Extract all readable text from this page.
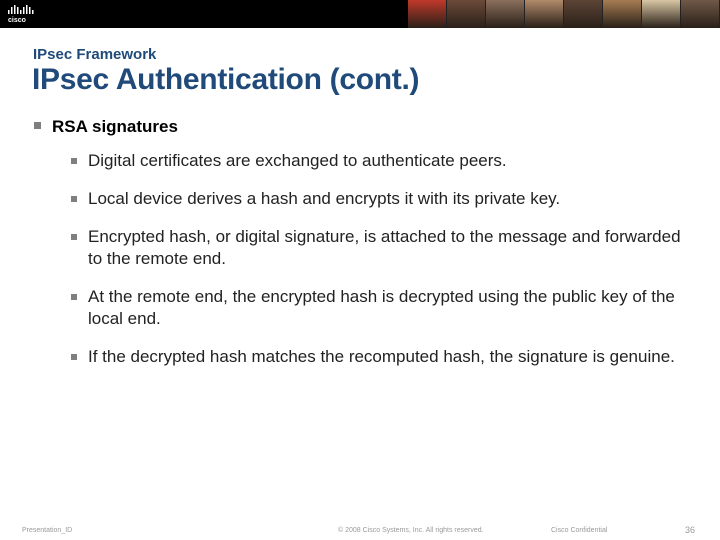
cisco
IPsec Framework
IPsec Authentication (cont.)
RSA signatures
Digital certificates are exchanged to authenticate peers.
Local device derives a hash and encrypts it with its private key.
Encrypted hash, or digital signature, is attached to the message and forwarded to the remote end.
At the remote end, the encrypted hash is decrypted using the public key of the local end.
If the decrypted hash matches the recomputed hash, the signature is genuine.
Presentation_ID	© 2008 Cisco Systems, Inc. All rights reserved.	Cisco Confidential	36
